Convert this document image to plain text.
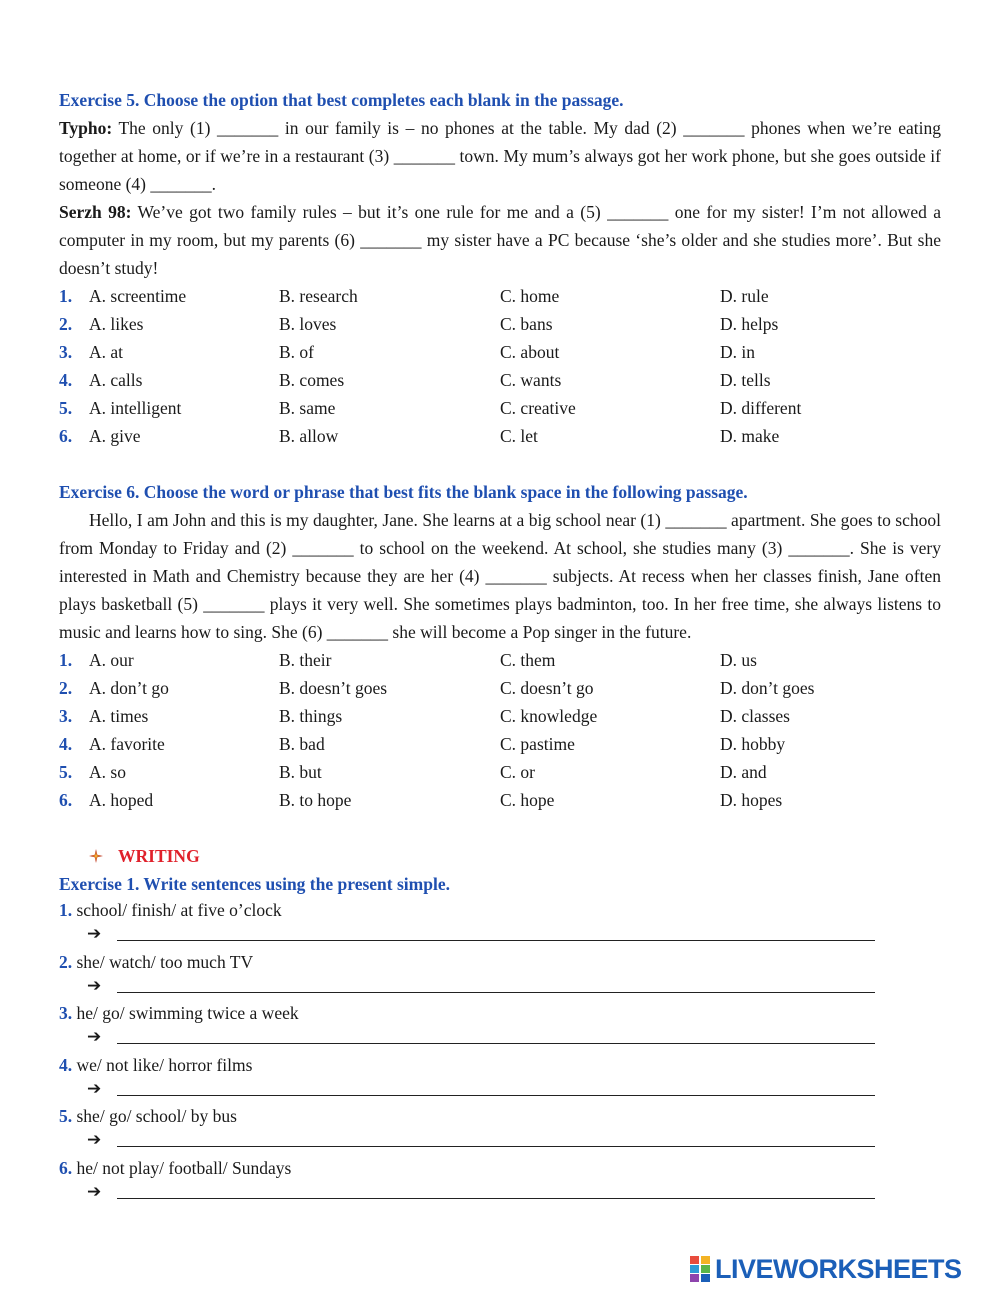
Exercise 5. Choose the option that best completes each blank in the passage.

Typho: The only (1) _______ in our family is – no phones at the table. My dad (2) _______ phones when we’re eating together at home, or if we’re in a restaurant (3) _______ town. My mum’s always got her work phone, but she goes outside if someone (4) _______.

Serzh 98: We’ve got two family rules – but it’s one rule for me and a (5) _______ one for my sister! I’m not allowed a computer in my room, but my parents (6) _______ my sister have a PC because ‘she’s older and she studies more’. But she doesn’t study!

1. A. screentime	B. research	C. home	D. rule
2. A. likes	B. loves	C. bans	D. helps
3. A. at	B. of	C. about	D. in
4. A. calls	B. comes	C. wants	D. tells
5. A. intelligent	B. same	C. creative	D. different
6. A. give	B. allow	C. let	D. make
Exercise 6. Choose the word or phrase that best fits the blank space in the following passage.

Hello, I am John and this is my daughter, Jane. She learns at a big school near (1) _______ apartment. She goes to school from Monday to Friday and (2) _______ to school on the weekend. At school, she studies many (3) _______. She is very interested in Math and Chemistry because they are her (4) _______ subjects. At recess when her classes finish, Jane often plays basketball (5) _______ plays it very well. She sometimes plays badminton, too. In her free time, she always listens to music and learns how to sing. She (6) _______ she will become a Pop singer in the future.

1. A. our	B. their	C. them	D. us
2. A. don’t go	B. doesn’t goes	C. doesn’t go	D. don’t goes
3. A. times	B. things	C. knowledge	D. classes
4. A. favorite	B. bad	C. pastime	D. hobby
5. A. so	B. but	C. or	D. and
6. A. hoped	B. to hope	C. hope	D. hopes
WRITING
Exercise 1. Write sentences using the present simple.
1. school/ finish/ at five o’clock
➔
2. she/ watch/ too much TV
➔
3. he/ go/ swimming twice a week
➔
4. we/ not like/ horror films
➔
5. she/ go/ school/ by bus
➔
6. he/ not play/ football/ Sundays
➔
LIVEWORKSHEETS
